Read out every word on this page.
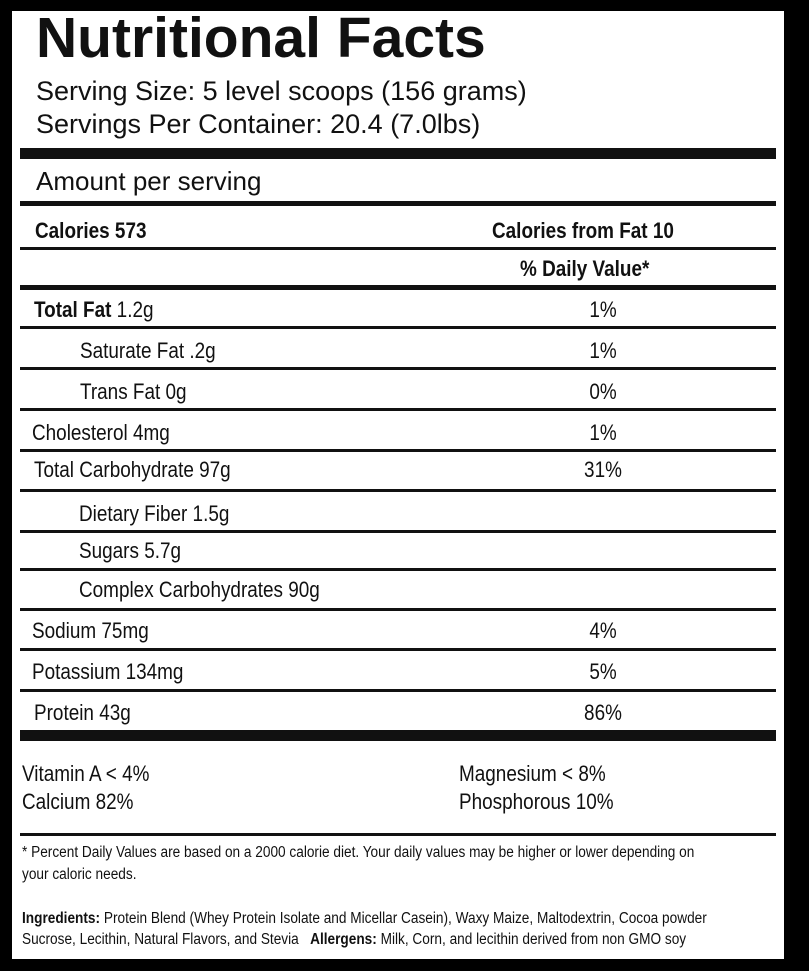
Nutritional Facts
Serving Size: 5 level scoops (156 grams)
Servings Per Container: 20.4 (7.0lbs)
Amount per serving
Calories 573	Calories from Fat 10
% Daily Value*
Total Fat 1.2g	1%
Saturate Fat .2g	1%
Trans Fat 0g	0%
Cholesterol 4mg	1%
Total Carbohydrate 97g	31%
Dietary Fiber 1.5g
Sugars 5.7g
Complex Carbohydrates 90g
Sodium 75mg	4%
Potassium 134mg	5%
Protein 43g	86%
Vitamin A < 4%
Calcium 82%
Magnesium < 8%
Phosphorous 10%
* Percent Daily Values are based on a 2000 calorie diet. Your daily values may be higher or lower depending on
your caloric needs.
Ingredients: Protein Blend (Whey Protein Isolate and Micellar Casein), Waxy Maize, Maltodextrin, Cocoa powder
Sucrose, Lecithin, Natural Flavors, and Stevia Allergens: Milk, Corn, and lecithin derived from non GMO soy
